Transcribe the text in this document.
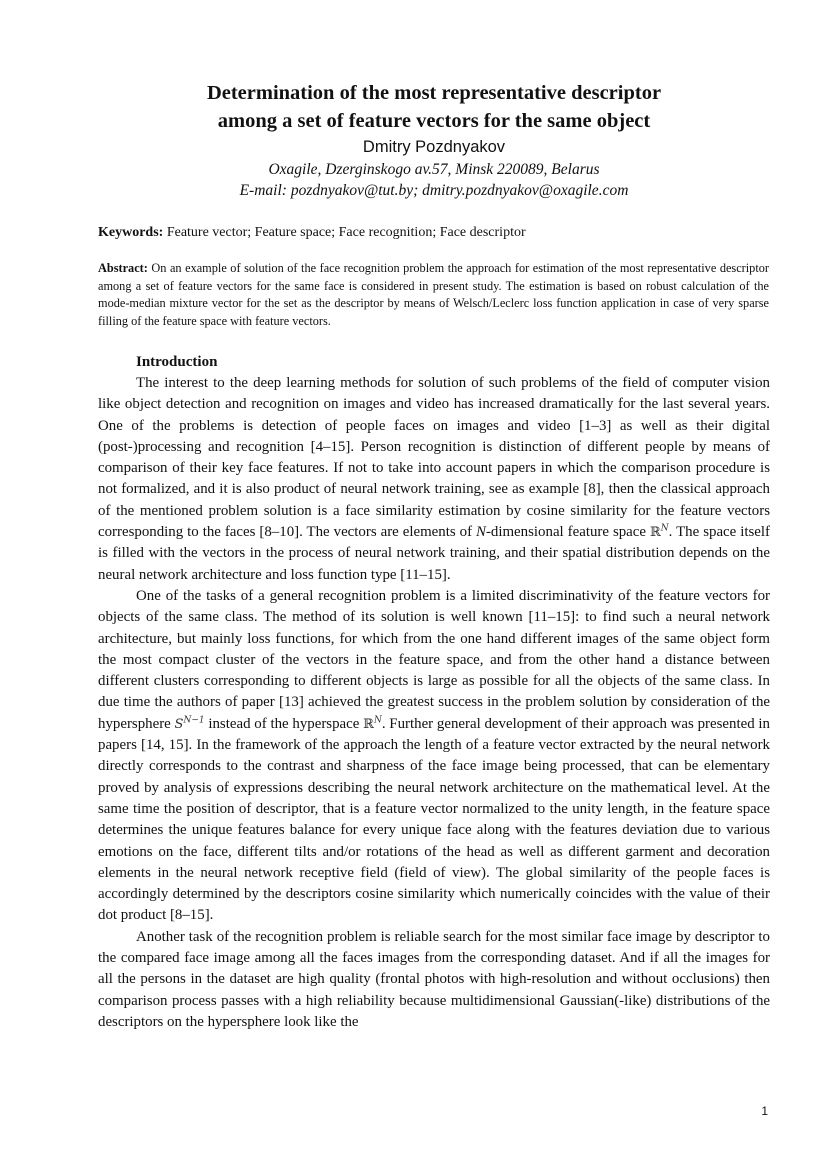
Determination of the most representative descriptor
among a set of feature vectors for the same object
Dmitry Pozdnyakov
Oxagile, Dzerginskogo av.57, Minsk 220089, Belarus
E-mail: pozdnyakov@tut.by; dmitry.pozdnyakov@oxagile.com
Keywords: Feature vector; Feature space; Face recognition; Face descriptor
Abstract: On an example of solution of the face recognition problem the approach for estimation of the most representative descriptor among a set of feature vectors for the same face is considered in present study. The estimation is based on robust calculation of the mode-median mixture vector for the set as the descriptor by means of Welsch/Leclerc loss function application in case of very sparse filling of the feature space with feature vectors.
Introduction

The interest to the deep learning methods for solution of such problems of the field of computer vision like object detection and recognition on images and video has increased dramatically for the last several years. One of the problems is detection of people faces on images and video [1–3] as well as their digital (post-)processing and recognition [4–15]. Person recognition is distinction of different people by means of comparison of their key face features. If not to take into account papers in which the comparison procedure is not formalized, and it is also product of neural network training, see as example [8], then the classical approach of the mentioned problem solution is a face similarity estimation by cosine similarity for the feature vectors corresponding to the faces [8–10]. The vectors are elements of N-dimensional feature space ℝ$^N$. The space itself is filled with the vectors in the process of neural network training, and their spatial distribution depends on the neural network architecture and loss function type [11–15].

One of the tasks of a general recognition problem is a limited discriminativity of the feature vectors for objects of the same class. The method of its solution is well known [11–15]: to find such a neural network architecture, but mainly loss functions, for which from the one hand different images of the same object form the most compact cluster of the vectors in the feature space, and from the other hand a distance between different clusters corresponding to different objects is large as possible for all the objects of the same class. In due time the authors of paper [13] achieved the greatest success in the problem solution by consideration of the hypersphere $S^{N-1}$ instead of the hyperspace ℝ$^N$. Further general development of their approach was presented in papers [14, 15]. In the framework of the approach the length of a feature vector extracted by the neural network directly corresponds to the contrast and sharpness of the face image being processed, that can be elementary proved by analysis of expressions describing the neural network architecture on the mathematical level. At the same time the position of descriptor, that is a feature vector normalized to the unity length, in the feature space determines the unique features balance for every unique face along with the features deviation due to various emotions on the face, different tilts and/or rotations of the head as well as different garment and decoration elements in the neural network receptive field (field of view). The global similarity of the people faces is accordingly determined by the descriptors cosine similarity which numerically coincides with the value of their dot product [8–15].

Another task of the recognition problem is reliable search for the most similar face image by descriptor to the compared face image among all the faces images from the corresponding dataset. And if all the images for all the persons in the dataset are high quality (frontal photos with high-resolution and without occlusions) then comparison process passes with a high reliability because multidimensional Gaussian(-like) distributions of the descriptors on the hypersphere look like the

1
